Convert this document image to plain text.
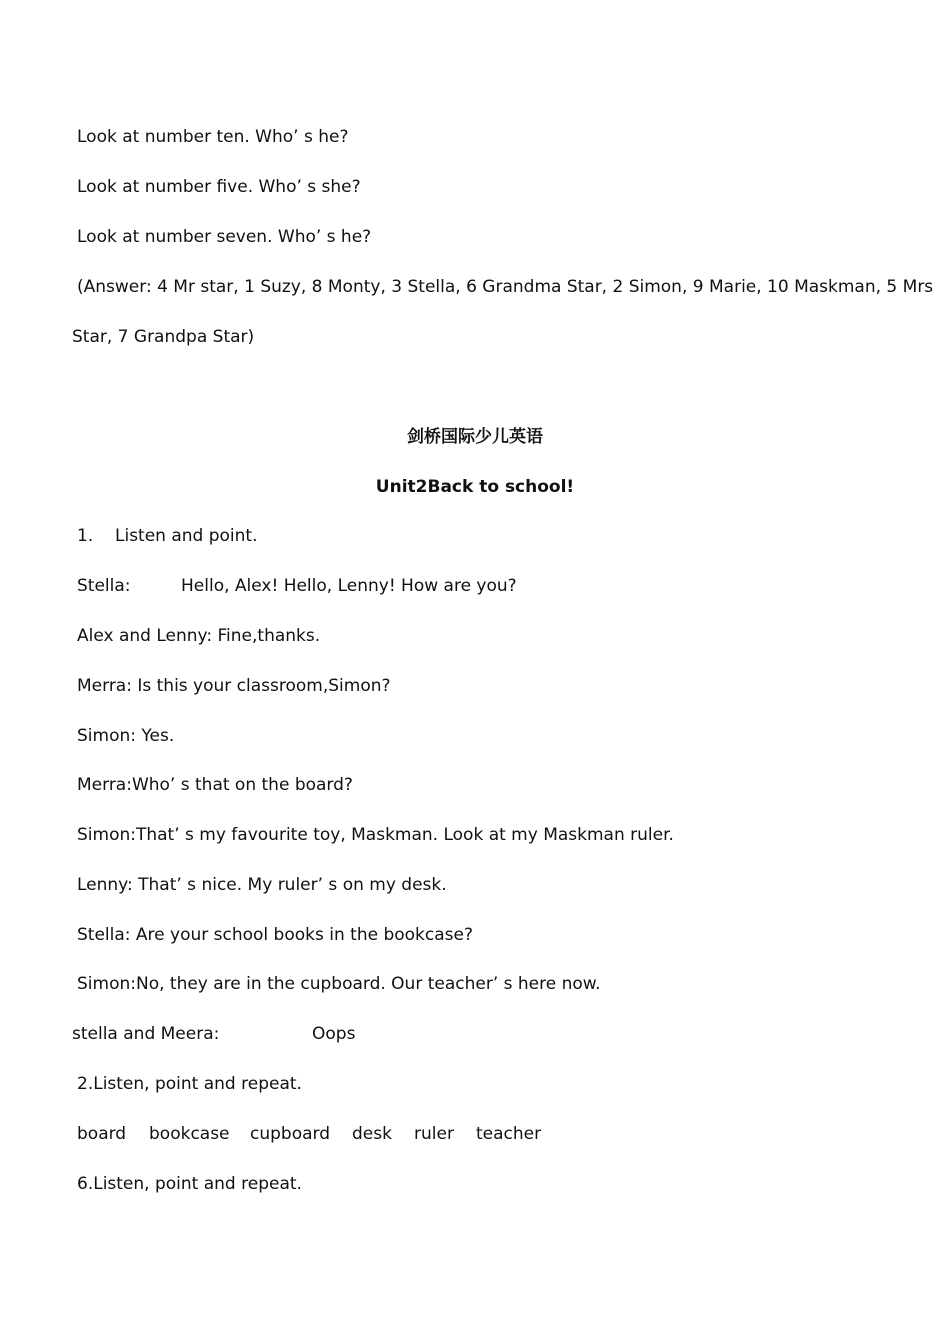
Look at number ten. Who’ s he?

Look at number five. Who’ s she?

Look at number seven. Who’ s he?

(Answer: 4 Mr star, 1 Suzy, 8 Monty, 3 Stella, 6 Grandma Star, 2 Simon, 9 Marie, 10 Maskman, 5 Mrs

Star, 7 Grandpa Star)

剑桥国际少儿英语

Unit2Back to school!

1. Listen and point.

Stella:	Hello, Alex! Hello, Lenny! How are you?

Alex and Lenny: Fine,thanks.

Merra: Is this your classroom,Simon?

Simon: Yes.

Merra:Who’ s that on the board?

Simon:That’ s my favourite toy, Maskman. Look at my Maskman ruler.

Lenny: That’ s nice. My ruler’ s on my desk.

Stella: Are your school books in the bookcase?

Simon:No, they are in the cupboard. Our teacher’ s here now.

stella and Meera:	Oops

2.Listen, point and repeat.

board bookcase cupboard desk ruler teacher

6.Listen, point and repeat.
